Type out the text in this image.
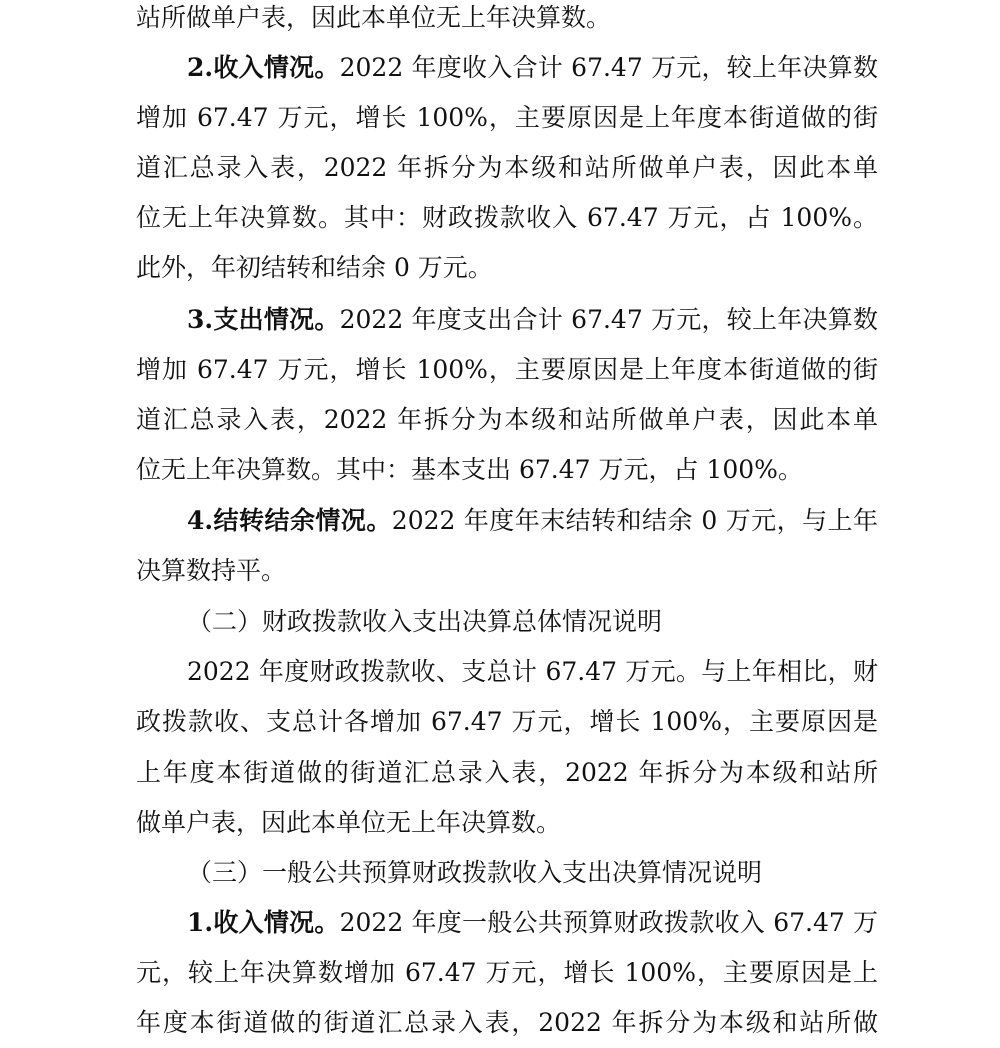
站所做单户表，因此本单位无上年决算数。
2.收入情况。2022 年度收入合计 67.47 万元，较上年决算数
增加 67.47 万元，增长 100%，主要原因是上年度本街道做的街
道汇总录入表，2022 年拆分为本级和站所做单户表，因此本单
位无上年决算数。其中：财政拨款收入 67.47 万元，占 100%。
此外，年初结转和结余 0 万元。
3.支出情况。2022 年度支出合计 67.47 万元，较上年决算数
增加 67.47 万元，增长 100%，主要原因是上年度本街道做的街
道汇总录入表，2022 年拆分为本级和站所做单户表，因此本单
位无上年决算数。其中：基本支出 67.47 万元，占 100%。
4.结转结余情况。2022 年度年末结转和结余 0 万元，与上年
决算数持平。
（二）财政拨款收入支出决算总体情况说明
2022 年度财政拨款收、支总计 67.47 万元。与上年相比，财
政拨款收、支总计各增加 67.47 万元，增长 100%，主要原因是
上年度本街道做的街道汇总录入表，2022 年拆分为本级和站所
做单户表，因此本单位无上年决算数。
（三）一般公共预算财政拨款收入支出决算情况说明
1.收入情况。2022 年度一般公共预算财政拨款收入 67.47 万
元，较上年决算数增加 67.47 万元，增长 100%，主要原因是上
年度本街道做的街道汇总录入表，2022 年拆分为本级和站所做
